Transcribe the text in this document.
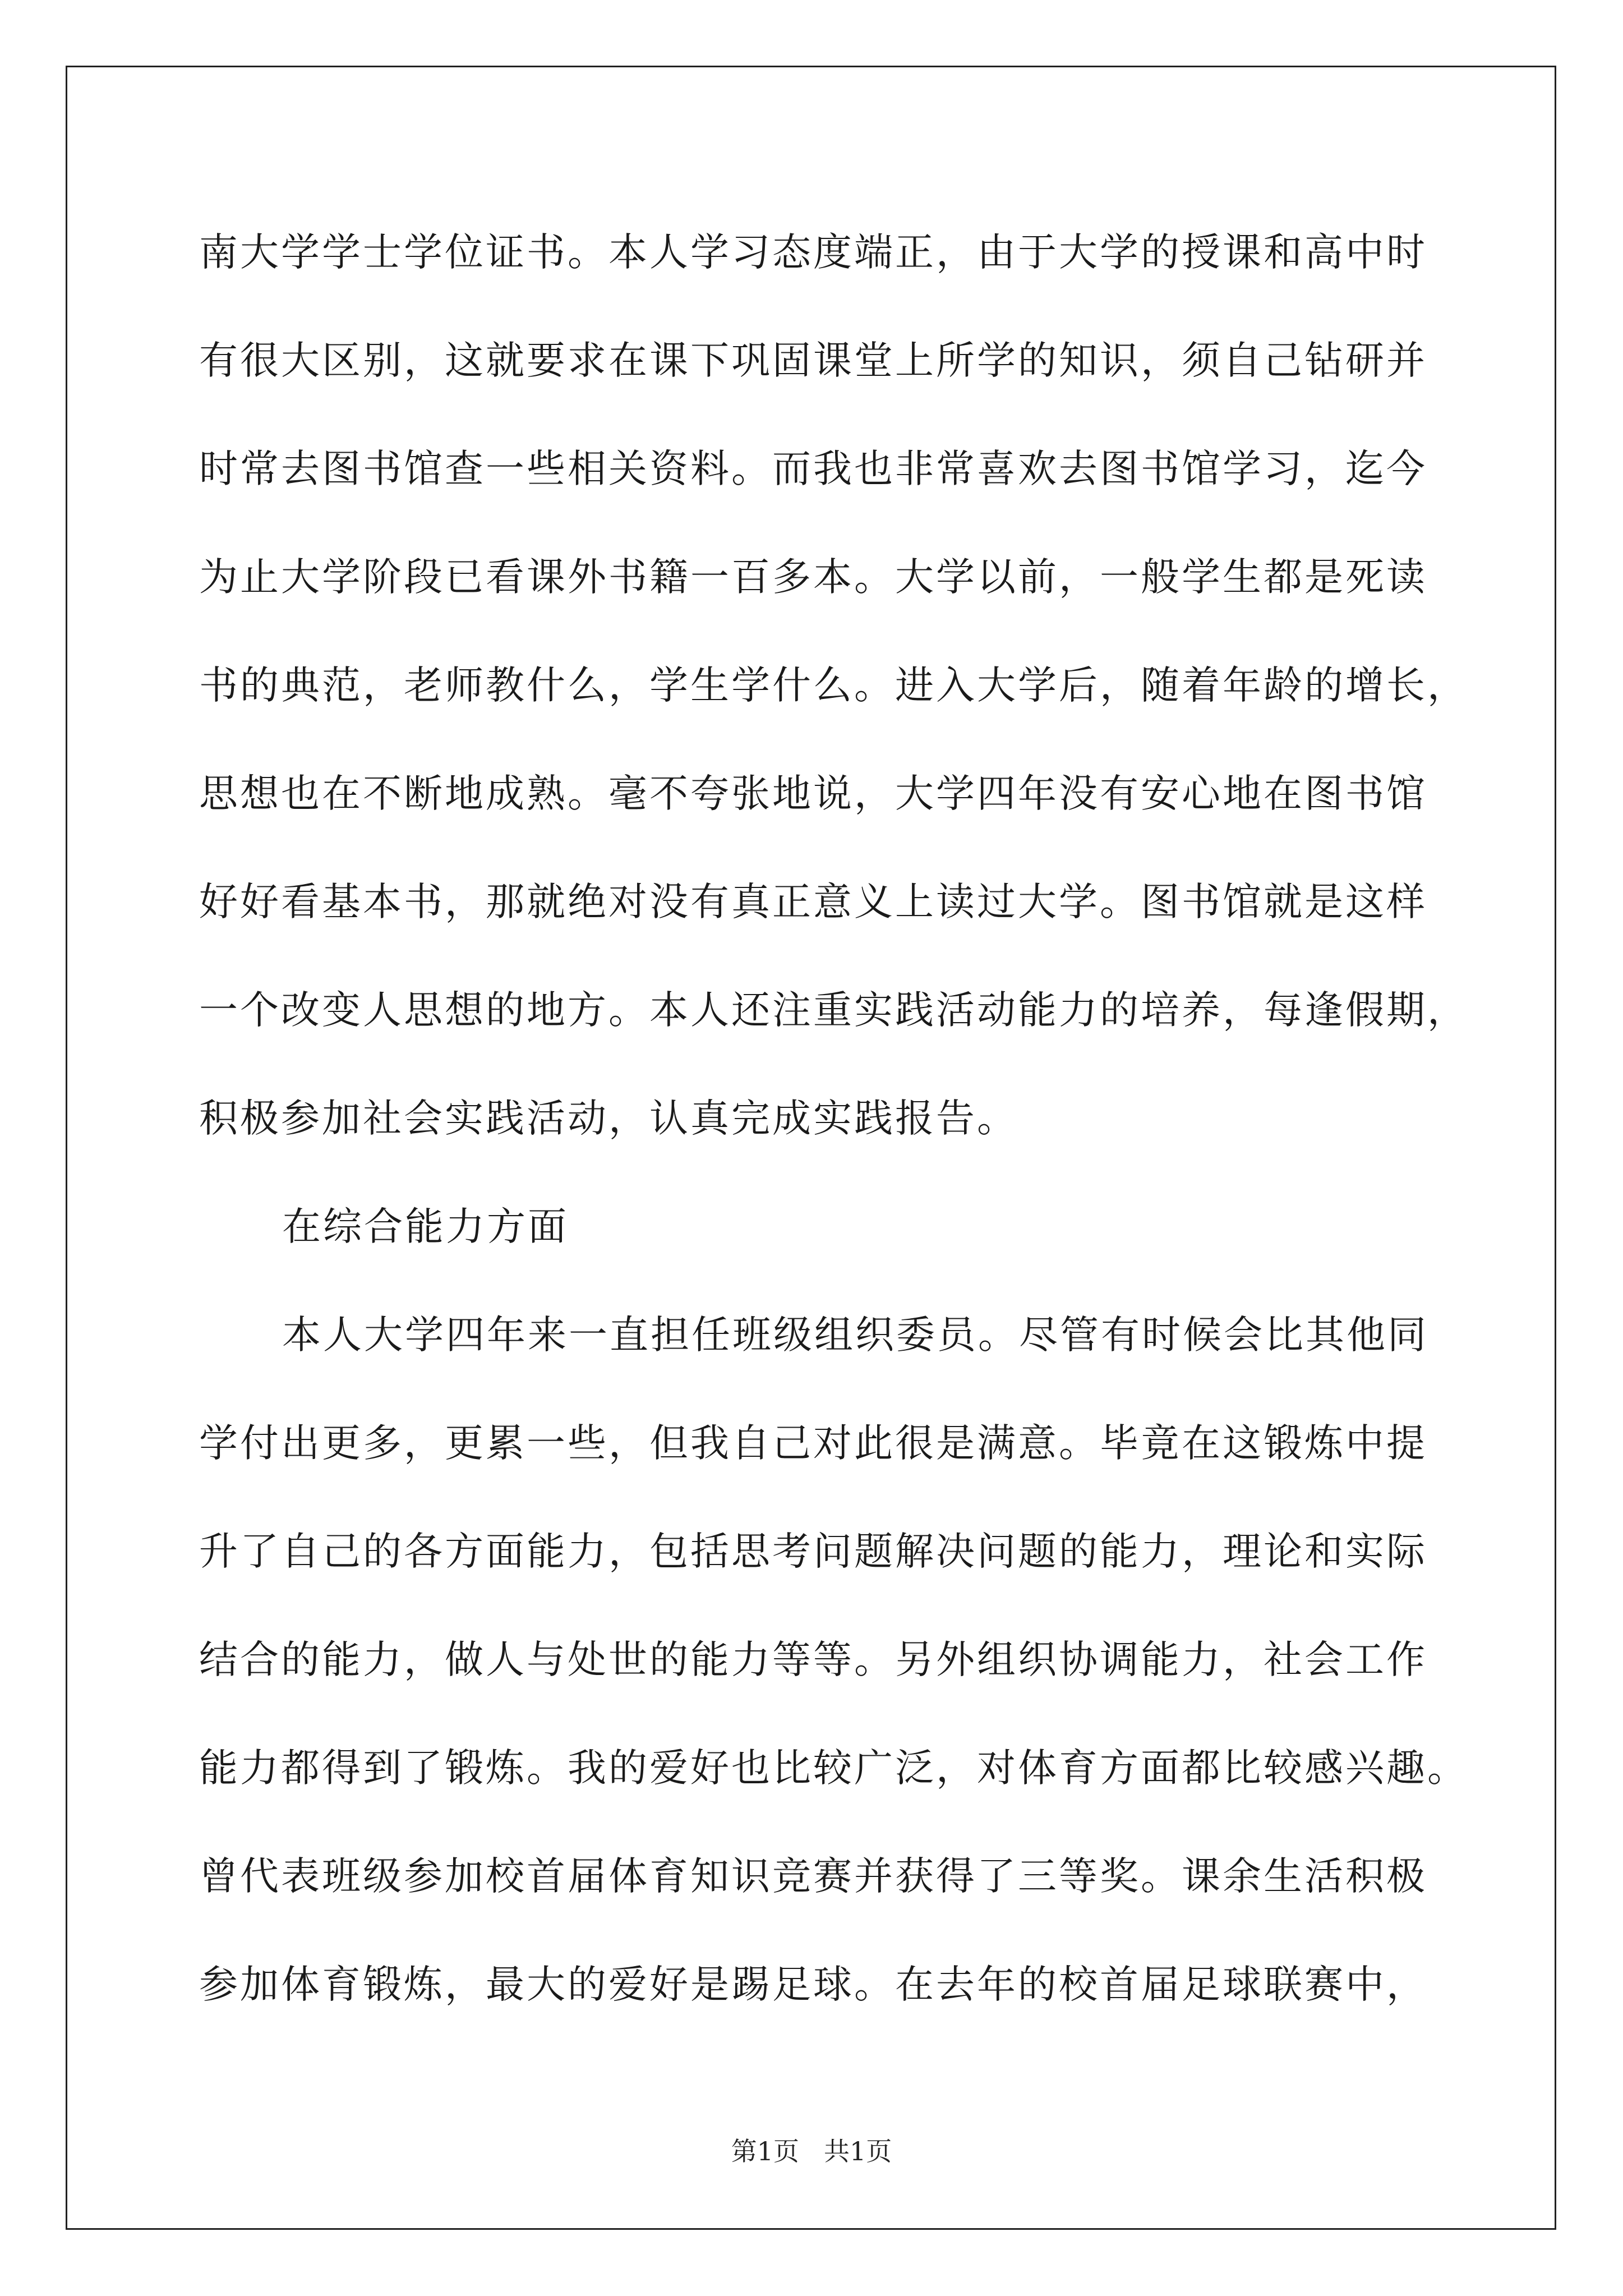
南大学学士学位证书。本人学习态度端正，由于大学的授课和高中时
有很大区别，这就要求在课下巩固课堂上所学的知识，须自己钻研并
时常去图书馆查一些相关资料。而我也非常喜欢去图书馆学习，迄今
为止大学阶段已看课外书籍一百多本。大学以前，一般学生都是死读
书的典范，老师教什么，学生学什么。进入大学后，随着年龄的增长，
思想也在不断地成熟。毫不夸张地说，大学四年没有安心地在图书馆
好好看基本书，那就绝对没有真正意义上读过大学。图书馆就是这样
一个改变人思想的地方。本人还注重实践活动能力的培养，每逢假期，
积极参加社会实践活动，认真完成实践报告。
在综合能力方面
本人大学四年来一直担任班级组织委员。尽管有时候会比其他同
学付出更多，更累一些，但我自己对此很是满意。毕竟在这锻炼中提
升了自己的各方面能力，包括思考问题解决问题的能力，理论和实际
结合的能力，做人与处世的能力等等。另外组织协调能力，社会工作
能力都得到了锻炼。我的爱好也比较广泛，对体育方面都比较感兴趣。
曾代表班级参加校首届体育知识竞赛并获得了三等奖。课余生活积极
参加体育锻炼，最大的爱好是踢足球。在去年的校首届足球联赛中，
第1页 共1页
